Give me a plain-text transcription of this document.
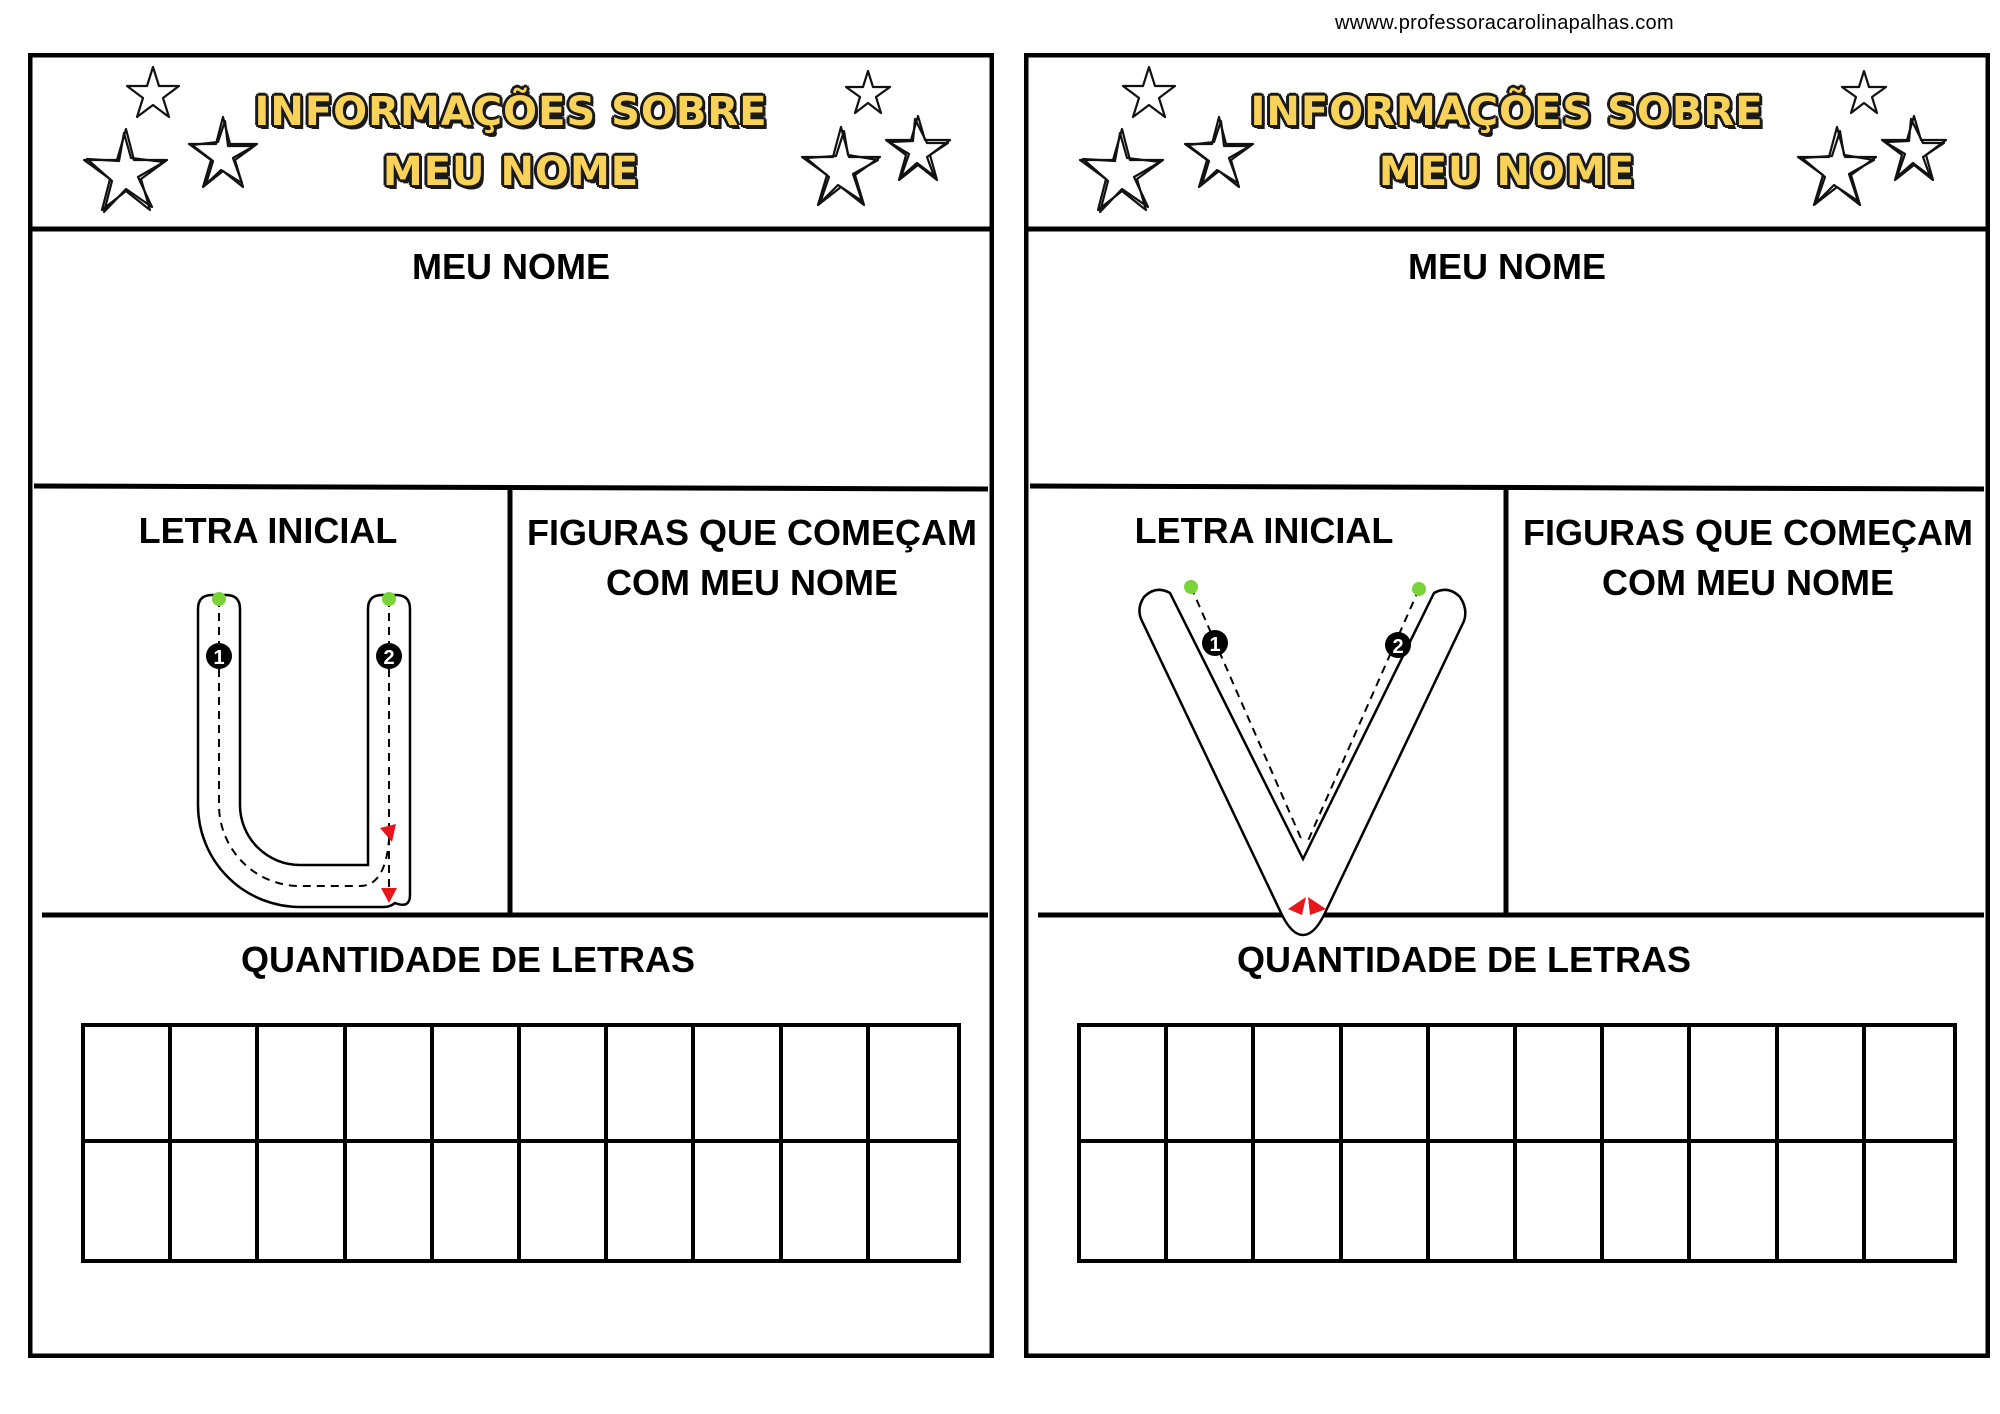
wwww.professoracarolinapalhas.com
1	2
INFORMAÇÕES SOBRE
MEU NOME
MEU NOME
LETRA INICIAL	FIGURAS QUE COMEÇAM
COM MEU NOME
QUANTIDADE DE LETRAS
1	2
INFORMAÇÕES SOBRE
MEU NOME
MEU NOME
LETRA INICIAL	FIGURAS QUE COMEÇAM
COM MEU NOME
QUANTIDADE DE LETRAS
